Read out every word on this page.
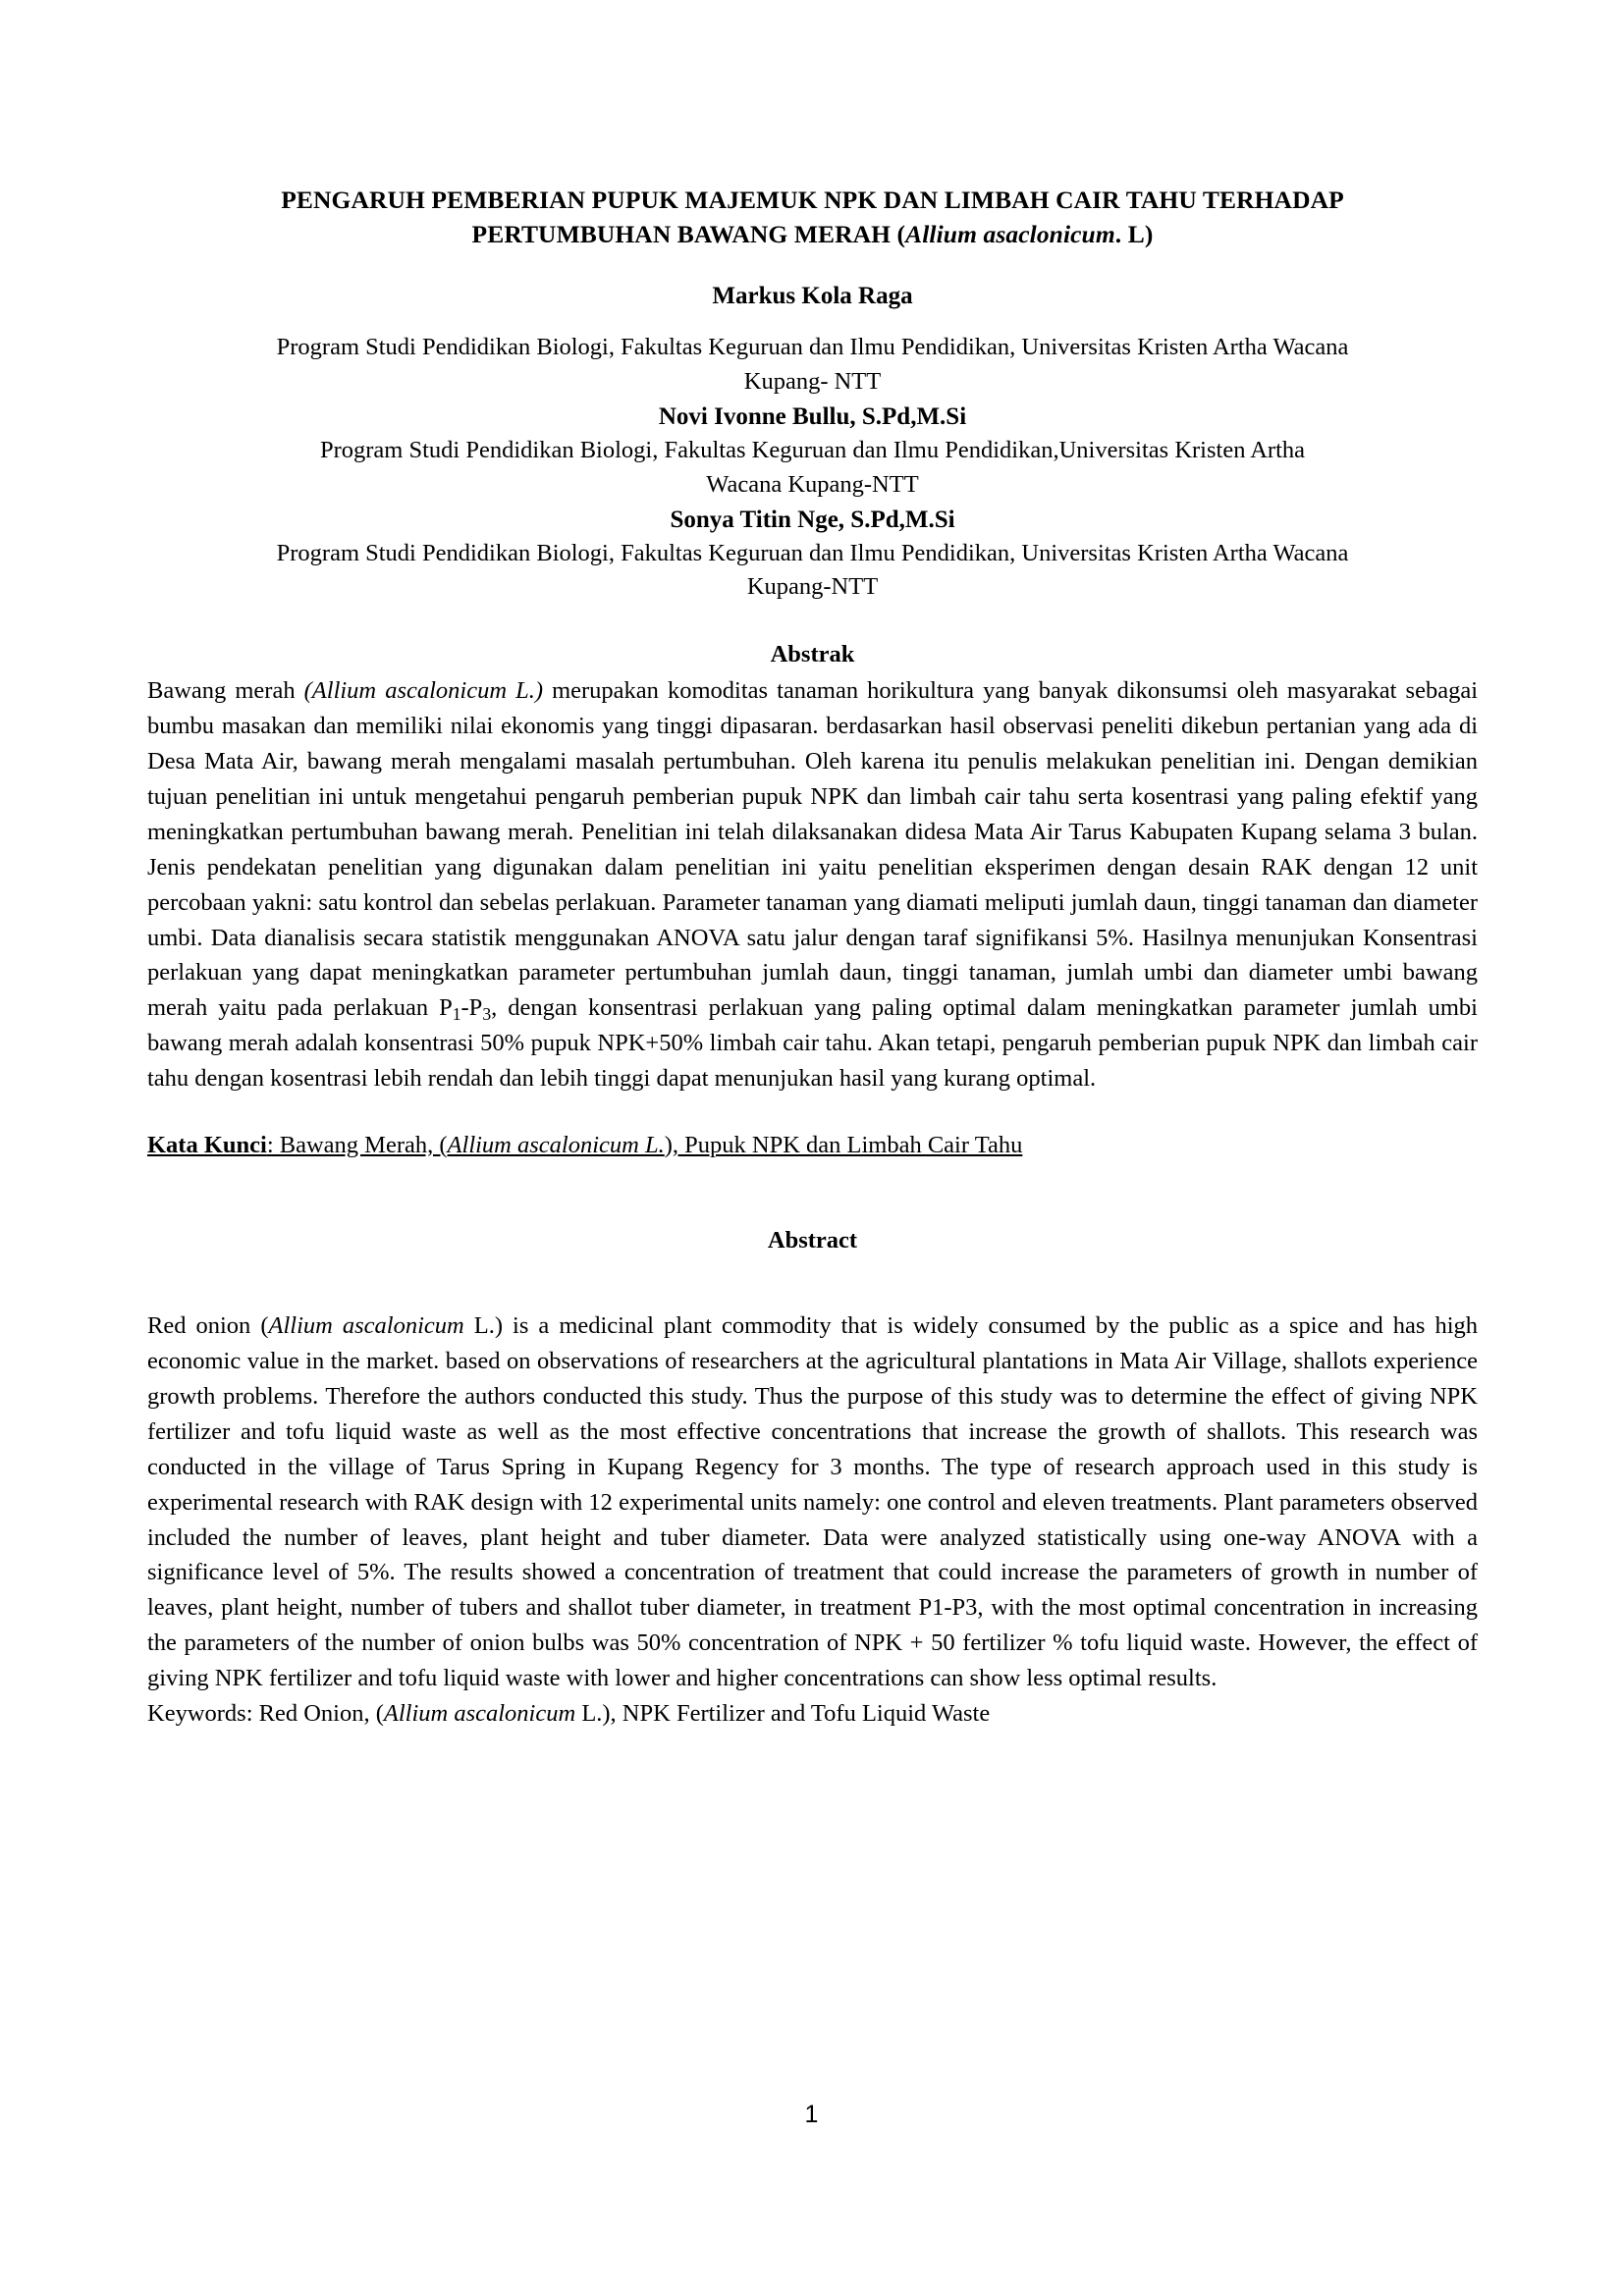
PENGARUH PEMBERIAN PUPUK MAJEMUK NPK DAN LIMBAH CAIR TAHU TERHADAP
PERTUMBUHAN BAWANG MERAH (Allium asaclonicum. L)
Markus Kola Raga
Program Studi Pendidikan Biologi, Fakultas Keguruan dan Ilmu Pendidikan, Universitas Kristen Artha Wacana
Kupang- NTT
Novi Ivonne Bullu, S.Pd,M.Si
Program Studi Pendidikan Biologi, Fakultas Keguruan dan Ilmu Pendidikan,Universitas Kristen Artha
Wacana Kupang-NTT
Sonya Titin Nge, S.Pd,M.Si
Program Studi Pendidikan Biologi, Fakultas Keguruan dan Ilmu Pendidikan, Universitas Kristen Artha Wacana
Kupang-NTT
Abstrak

Bawang merah (Allium ascalonicum L.) merupakan komoditas tanaman horikultura yang banyak dikonsumsi oleh masyarakat sebagai bumbu masakan dan memiliki nilai ekonomis yang tinggi dipasaran. berdasarkan hasil observasi peneliti dikebun pertanian yang ada di Desa Mata Air, bawang merah mengalami masalah pertumbuhan. Oleh karena itu penulis melakukan penelitian ini. Dengan demikian tujuan penelitian ini untuk mengetahui pengaruh pemberian pupuk NPK dan limbah cair tahu serta kosentrasi yang paling efektif yang meningkatkan pertumbuhan bawang merah. Penelitian ini telah dilaksanakan didesa Mata Air Tarus Kabupaten Kupang selama 3 bulan. Jenis pendekatan penelitian yang digunakan dalam penelitian ini yaitu penelitian eksperimen dengan desain RAK dengan 12 unit percobaan yakni: satu kontrol dan sebelas perlakuan. Parameter tanaman yang diamati meliputi jumlah daun, tinggi tanaman dan diameter umbi. Data dianalisis secara statistik menggunakan ANOVA satu jalur dengan taraf signifikansi 5%. Hasilnya menunjukan Konsentrasi perlakuan yang dapat meningkatkan parameter pertumbuhan jumlah daun, tinggi tanaman, jumlah umbi dan diameter umbi bawang merah yaitu pada perlakuan $P_1-P_3$, dengan konsentrasi perlakuan yang paling optimal dalam meningkatkan parameter jumlah umbi bawang merah adalah konsentrasi 50% pupuk NPK+50% limbah cair tahu. Akan tetapi, pengaruh pemberian pupuk NPK dan limbah cair tahu dengan kosentrasi lebih rendah dan lebih tinggi dapat menunjukan hasil yang kurang optimal.

Kata Kunci: Bawang Merah, (Allium ascalonicum L.), Pupuk NPK dan Limbah Cair Tahu
Abstract

Red onion (Allium ascalonicum L.) is a medicinal plant commodity that is widely consumed by the public as a spice and has high economic value in the market. based on observations of researchers at the agricultural plantations in Mata Air Village, shallots experience growth problems. Therefore the authors conducted this study. Thus the purpose of this study was to determine the effect of giving NPK fertilizer and tofu liquid waste as well as the most effective concentrations that increase the growth of shallots. This research was conducted in the village of Tarus Spring in Kupang Regency for 3 months. The type of research approach used in this study is experimental research with RAK design with 12 experimental units namely: one control and eleven treatments. Plant parameters observed included the number of leaves, plant height and tuber diameter. Data were analyzed statistically using one-way ANOVA with a significance level of 5%. The results showed a concentration of treatment that could increase the parameters of growth in number of leaves, plant height, number of tubers and shallot tuber diameter, in treatment P1-P3, with the most optimal concentration in increasing the parameters of the number of onion bulbs was 50% concentration of NPK + 50 fertilizer % tofu liquid waste. However, the effect of giving NPK fertilizer and tofu liquid waste with lower and higher concentrations can show less optimal results.

Keywords: Red Onion, (Allium ascalonicum L.), NPK Fertilizer and Tofu Liquid Waste
1
